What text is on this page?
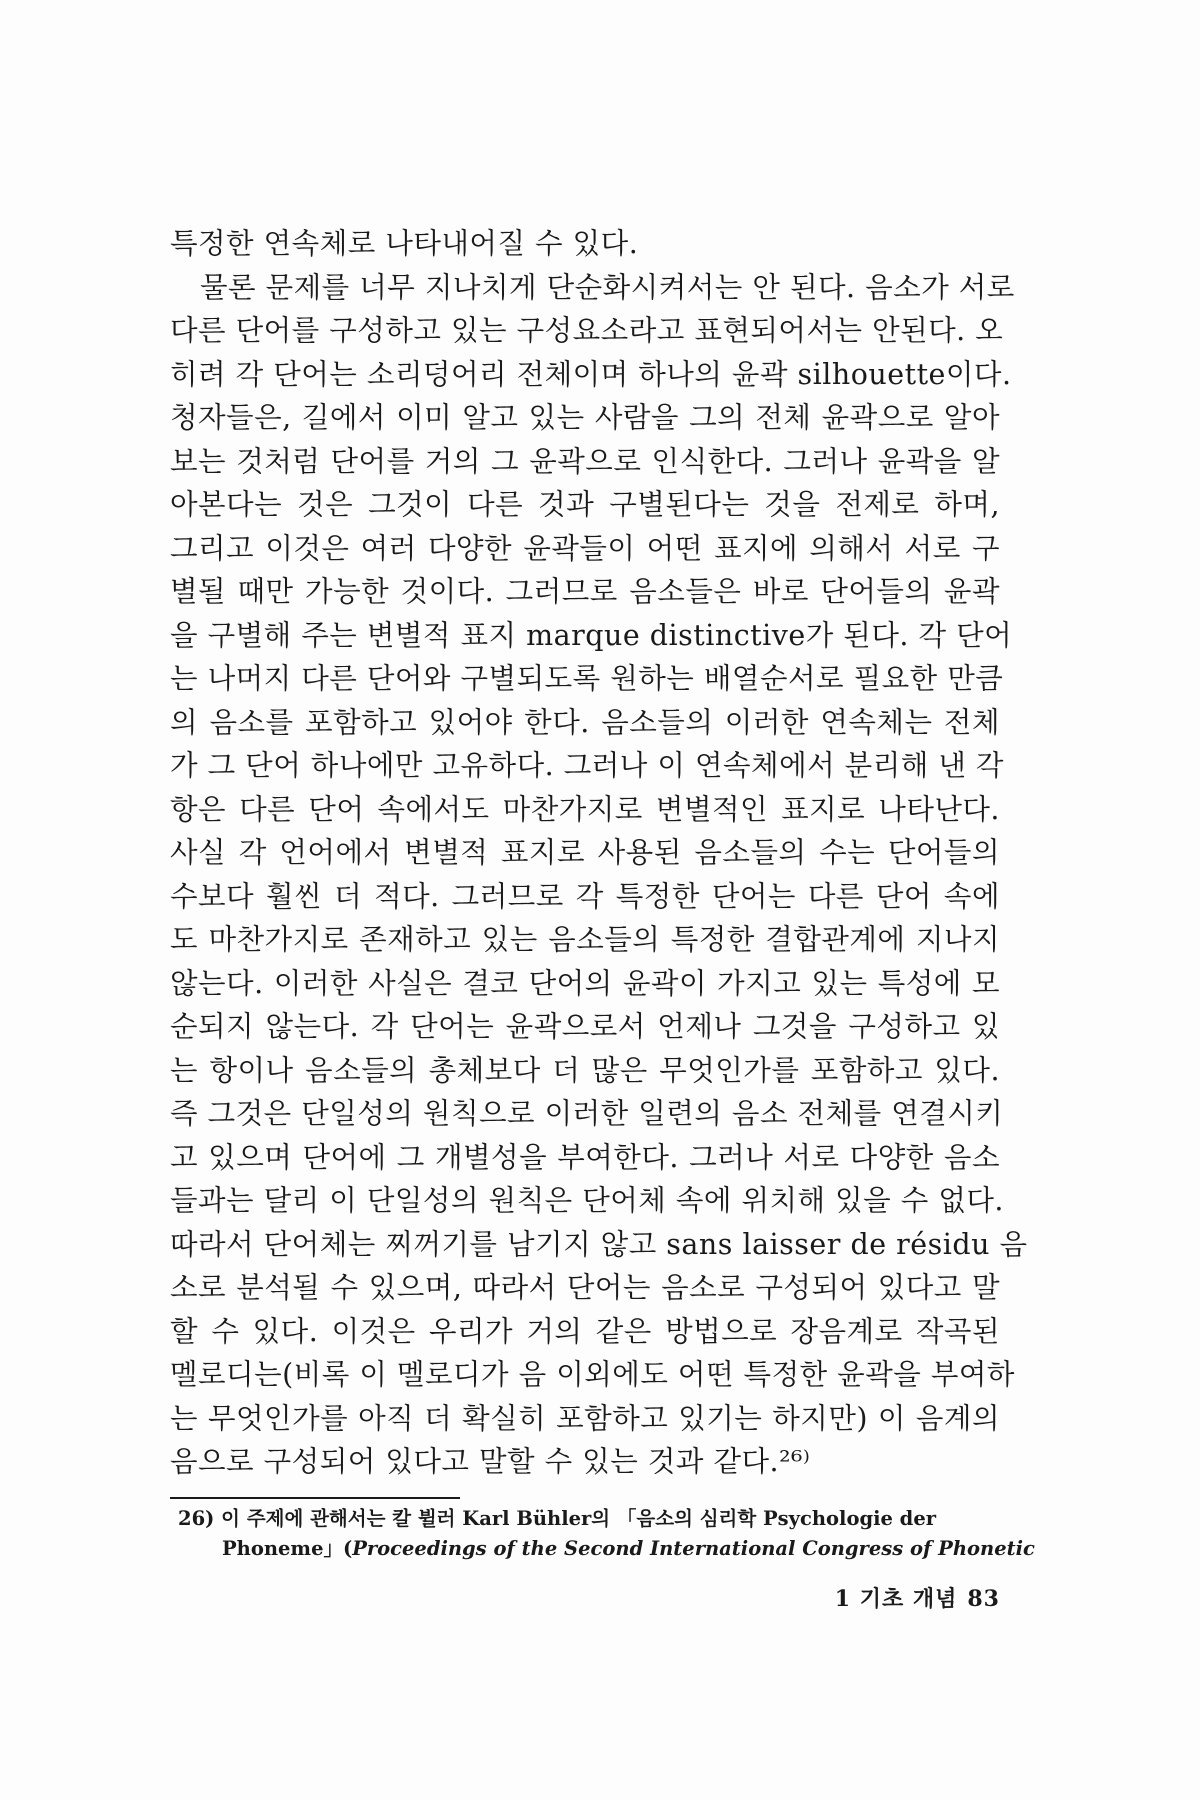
특정한 연속체로 나타내어질 수 있다.
물론 문제를 너무 지나치게 단순화시켜서는 안 된다. 음소가 서로
다른 단어를 구성하고 있는 구성요소라고 표현되어서는 안된다. 오
히려 각 단어는 소리덩어리 전체이며 하나의 윤곽 silhouette이다.
청자들은, 길에서 이미 알고 있는 사람을 그의 전체 윤곽으로 알아
보는 것처럼 단어를 거의 그 윤곽으로 인식한다. 그러나 윤곽을 알
아본다는 것은 그것이 다른 것과 구별된다는 것을 전제로 하며,
그리고 이것은 여러 다양한 윤곽들이 어떤 표지에 의해서 서로 구
별될 때만 가능한 것이다. 그러므로 음소들은 바로 단어들의 윤곽
을 구별해 주는 변별적 표지 marque distinctive가 된다. 각 단어
는 나머지 다른 단어와 구별되도록 원하는 배열순서로 필요한 만큼
의 음소를 포함하고 있어야 한다. 음소들의 이러한 연속체는 전체
가 그 단어 하나에만 고유하다. 그러나 이 연속체에서 분리해 낸 각
항은 다른 단어 속에서도 마찬가지로 변별적인 표지로 나타난다.
사실 각 언어에서 변별적 표지로 사용된 음소들의 수는 단어들의
수보다 훨씬 더 적다. 그러므로 각 특정한 단어는 다른 단어 속에
도 마찬가지로 존재하고 있는 음소들의 특정한 결합관계에 지나지
않는다. 이러한 사실은 결코 단어의 윤곽이 가지고 있는 특성에 모
순되지 않는다. 각 단어는 윤곽으로서 언제나 그것을 구성하고 있
는 항이나 음소들의 총체보다 더 많은 무엇인가를 포함하고 있다.
즉 그것은 단일성의 원칙으로 이러한 일련의 음소 전체를 연결시키
고 있으며 단어에 그 개별성을 부여한다. 그러나 서로 다양한 음소
들과는 달리 이 단일성의 원칙은 단어체 속에 위치해 있을 수 없다.
따라서 단어체는 찌꺼기를 남기지 않고 sans laisser de résidu 음
소로 분석될 수 있으며, 따라서 단어는 음소로 구성되어 있다고 말
할 수 있다. 이것은 우리가 거의 같은 방법으로 장음계로 작곡된
멜로디는(비록 이 멜로디가 음 이외에도 어떤 특정한 윤곽을 부여하
는 무엇인가를 아직 더 확실히 포함하고 있기는 하지만) 이 음계의
음으로 구성되어 있다고 말할 수 있는 것과 같다.²⁶⁾
26) 이 주제에 관해서는 칼 뷜러 Karl Bühler의 「음소의 심리학 Psychologie der
Phoneme」(Proceedings of the Second International Congress of Phonetic
1 기초 개념 83
